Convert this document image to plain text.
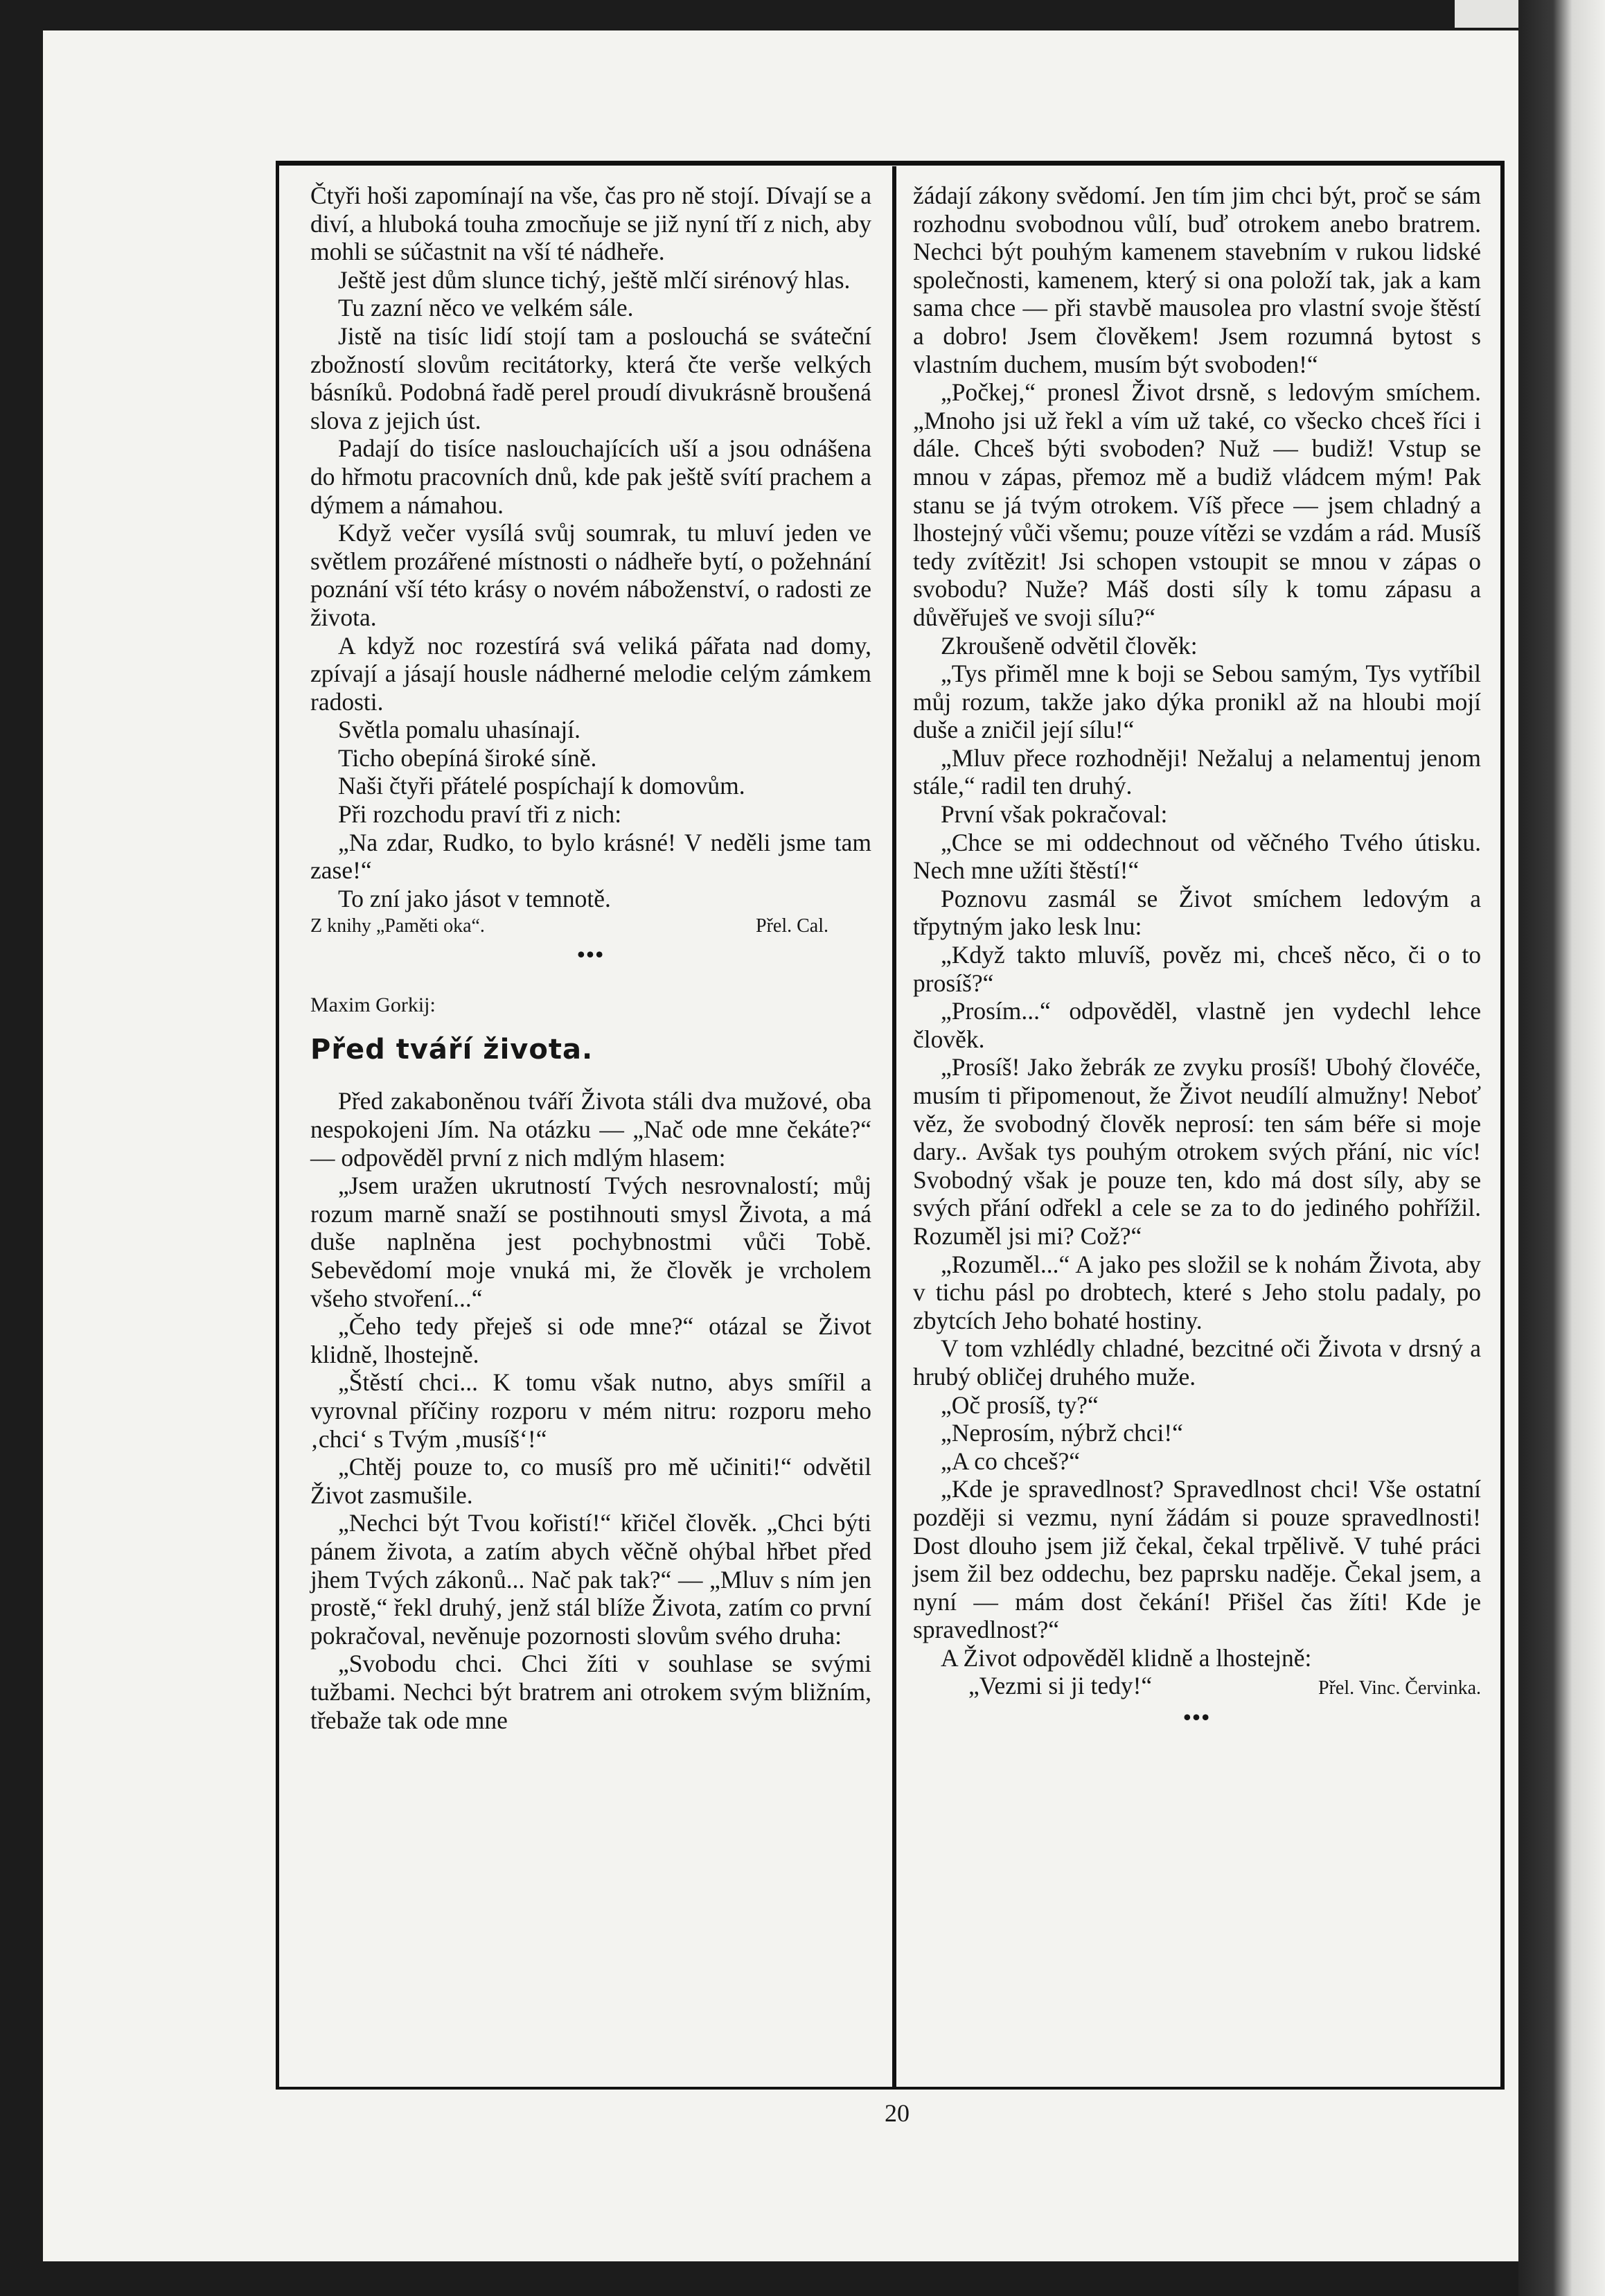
Čtyři hoši zapomínají na vše, čas pro ně stojí. Dívají se a diví, a hluboká touha zmocňuje se již nyní tří z nich, aby mohli se súčastnit na vší té nádheře.

Ještě jest dům slunce tichý, ještě mlčí sirénový hlas.

Tu zazní něco ve velkém sále.

Jistě na tisíc lidí stojí tam a poslouchá se sváteční zbožností slovům recitátorky, která čte verše velkých básníků. Podobná řadě perel proudí divukrásně broušená slova z jejich úst.

Padají do tisíce naslouchajících uší a jsou odnášena do hřmotu pracovních dnů, kde pak ještě svítí prachem a dýmem a námahou.

Když večer vysílá svůj soumrak, tu mluví jeden ve světlem prozářené místnosti o nádheře bytí, o požehnání poznání vší této krásy o novém náboženství, o radosti ze života.

A když noc rozestírá svá veliká pářata nad domy, zpívají a jásají housle nádherné melodie celým zámkem radosti.

Světla pomalu uhasínají.

Ticho obepíná široké síně.

Naši čtyři přátelé pospíchají k domovům.

Při rozchodu praví tři z nich:

„Na zdar, Rudko, to bylo krásné! V neděli jsme tam zase!“

To zní jako jásot v temnotě.

Z knihy „Paměti oka“.	Přel. Cal.
•••
Maxim Gorkij:
Před tváří života.

Před zakaboněnou tváří Života stáli dva mužové, oba nespokojeni Jím. Na otázku — „Nač ode mne čekáte?“ — odpověděl první z nich mdlým hlasem:

„Jsem uražen ukrutností Tvých nesrovnalostí; můj rozum marně snaží se postihnouti smysl Života, a má duše naplněna jest pochybnostmi vůči Tobě. Sebevědomí moje vnuká mi, že člověk je vrcholem všeho stvoření...“

„Čeho tedy přeješ si ode mne?“ otázal se Život klidně, lhostejně.

„Štěstí chci... K tomu však nutno, abys smířil a vyrovnal příčiny rozporu v mém nitru: rozporu meho ‚chci‘ s Tvým ‚musíš‘!“

„Chtěj pouze to, co musíš pro mě učiniti!“ odvětil Život zasmušile.

„Nechci být Tvou kořistí!“ křičel člověk. „Chci býti pánem života, a zatím abych věčně ohýbal hřbet před jhem Tvých zákonů... Nač pak tak?“ — „Mluv s ním jen prostě,“ řekl druhý, jenž stál blíže Života, zatím co první pokračoval, nevěnuje pozornosti slovům svého druha:

„Svobodu chci. Chci žíti v souhlase se svými tužbami. Nechci být bratrem ani otrokem svým bližním, třebaže tak ode mne

žádají zákony svědomí. Jen tím jim chci být, proč se sám rozhodnu svobodnou vůlí, buď otrokem anebo bratrem. Nechci být pouhým kamenem stavebním v rukou lidské společnosti, kamenem, který si ona položí tak, jak a kam sama chce — při stavbě mausolea pro vlastní svoje štěstí a dobro! Jsem člověkem! Jsem rozumná bytost s vlastním duchem, musím být svoboden!“

„Počkej,“ pronesl Život drsně, s ledovým smíchem. „Mnoho jsi už řekl a vím už také, co všecko chceš říci i dále. Chceš býti svoboden? Nuž — budiž! Vstup se mnou v zápas, přemoz mě a budiž vládcem mým! Pak stanu se já tvým otrokem. Víš přece — jsem chladný a lhostejný vůči všemu; pouze vítězi se vzdám a rád. Musíš tedy zvítězit! Jsi schopen vstoupit se mnou v zápas o svobodu? Nuže? Máš dosti síly k tomu zápasu a důvěřuješ ve svoji sílu?“

Zkroušeně odvětil člověk:

„Tys přiměl mne k boji se Sebou samým, Tys vytříbil můj rozum, takže jako dýka pronikl až na hloubi mojí duše a zničil její sílu!“

„Mluv přece rozhodněji! Nežaluj a nelamentuj jenom stále,“ radil ten druhý.

První však pokračoval:

„Chce se mi oddechnout od věčného Tvého útisku. Nech mne užíti štěstí!“

Poznovu zasmál se Život smíchem ledovým a třpytným jako lesk lnu:

„Když takto mluvíš, pověz mi, chceš něco, či o to prosíš?“

„Prosím...“ odpověděl, vlastně jen vydechl lehce člověk.

„Prosíš! Jako žebrák ze zvyku prosíš! Ubohý človéče, musím ti připomenout, že Život neudílí almužny! Neboť věz, že svobodný člověk neprosí: ten sám béře si moje dary.. Avšak tys pouhým otrokem svých přání, nic víc! Svobodný však je pouze ten, kdo má dost síly, aby se svých přání odřekl a cele se za to do jediného pohřížil. Rozuměl jsi mi? Což?“

„Rozuměl...“ A jako pes složil se k nohám Života, aby v tichu pásl po drobtech, které s Jeho stolu padaly, po zbytcích Jeho bohaté hostiny.

V tom vzhlédly chladné, bezcitné oči Života v drsný a hrubý obličej druhého muže.

„Oč prosíš, ty?“

„Neprosím, nýbrž chci!“

„A co chceš?“

„Kde je spravedlnost? Spravedlnost chci! Vše ostatní později si vezmu, nyní žádám si pouze spravedlnosti! Dost dlouho jsem již čekal, čekal trpělivě. V tuhé práci jsem žil bez oddechu, bez paprsku naděje. Čekal jsem, a nyní — mám dost čekání! Přišel čas žíti! Kde je spravedlnost?“

A Život odpověděl klidně a lhostejně:

„Vezmi si ji tedy!“	Přel. Vinc. Červinka.

•••
20
